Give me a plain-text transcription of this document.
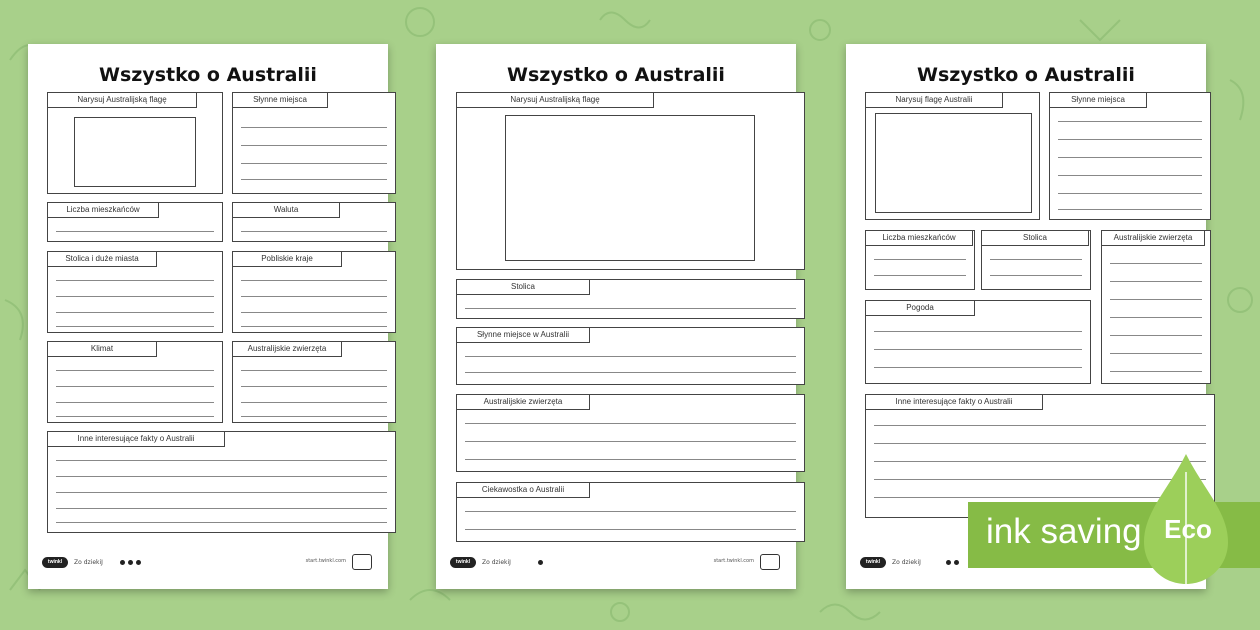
Wszystko o Australii
Narysuj Australijską flagę	Słynne miejsca
Liczba mieszkańców	Waluta
Stolica i duże miasta	Pobliskie kraje
Klimat	Australijskie zwierzęta
Inne interesujące fakty o Australii
twinkl	Zo dziekiJ	start.twinkl.com
Wszystko o Australii
Narysuj Australijską flagę
Stolica
Słynne miejsce w Australii
Australijskie zwierzęta
Ciekawostka o Australii
twinkl	Zo dziekiJ	start.twinkl.com
Wszystko o Australii
Narysuj flagę Australii	Słynne miejsca
Liczba mieszkańców	Stolica	Australijskie zwierzęta
Pogoda
Inne interesujące fakty o Australii
twinkl	Zo dziekiJ
ink saving Eco
